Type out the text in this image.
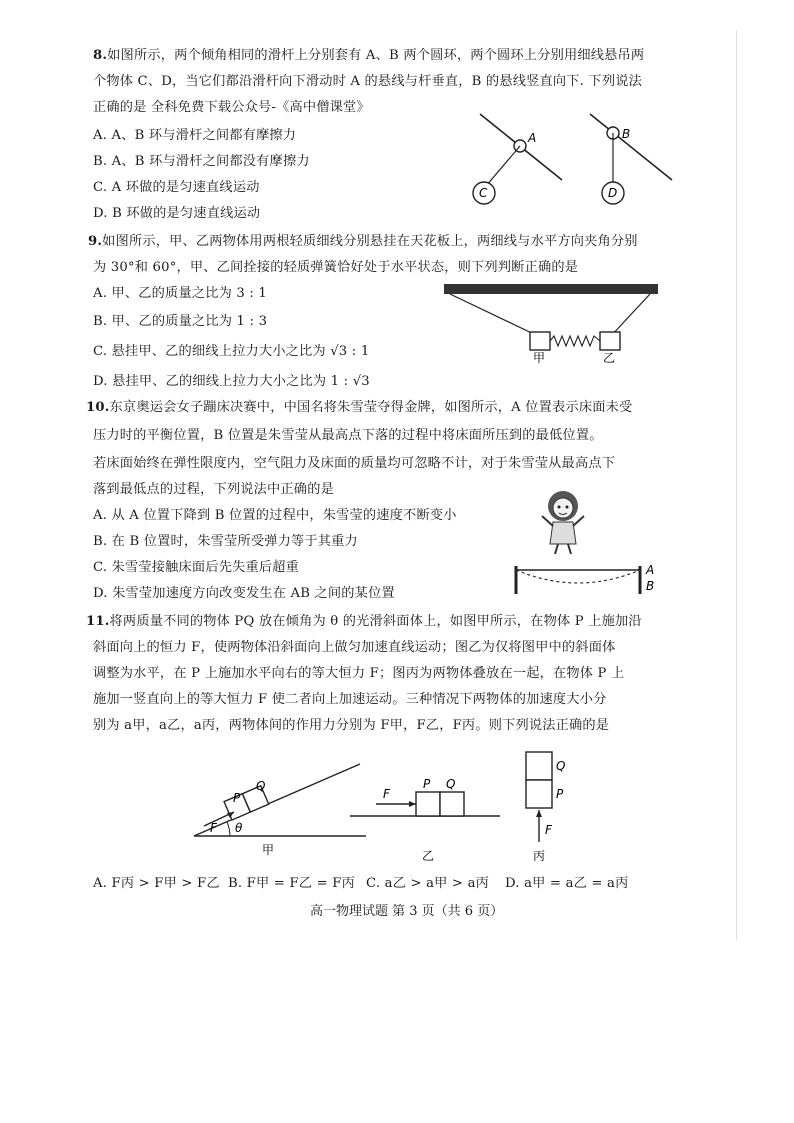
8.如图所示，两个倾角相同的滑杆上分别套有 A、B 两个圆环，两个圆环上分别用细线悬吊两
个物体 C、D，当它们都沿滑杆向下滑动时 A 的悬线与杆垂直，B 的悬线竖直向下. 下列说法
正确的是 全科免费下载公众号-《高中僧课堂》
A. A、B 环与滑杆之间都有摩擦力
B. A、B 环与滑杆之间都没有摩擦力
C. A 环做的是匀速直线运动
D. B 环做的是匀速直线运动
A	B
C	D
9.如图所示，甲、乙两物体用两根轻质细线分别悬挂在天花板上，两细线与水平方向夹角分别
为 30°和 60°，甲、乙间拴接的轻质弹簧恰好处于水平状态，则下列判断正确的是
A. 甲、乙的质量之比为 3 : 1
B. 甲、乙的质量之比为 1 : 3
C. 悬挂甲、乙的细线上拉力大小之比为 √3 : 1
D. 悬挂甲、乙的细线上拉力大小之比为 1 : √3
甲	乙
10.东京奥运会女子蹦床决赛中，中国名将朱雪莹夺得金牌，如图所示，A 位置表示床面未受
压力时的平衡位置，B 位置是朱雪莹从最高点下落的过程中将床面所压到的最低位置。
若床面始终在弹性限度内，空气阻力及床面的质量均可忽略不计，对于朱雪莹从最高点下
落到最低点的过程，下列说法中正确的是
A. 从 A 位置下降到 B 位置的过程中，朱雪莹的速度不断变小
B. 在 B 位置时，朱雪莹所受弹力等于其重力
C. 朱雪莹接触床面后先失重后超重
D. 朱雪莹加速度方向改变发生在 AB 之间的某位置
A
B
11.将两质量不同的物体 PQ 放在倾角为 θ 的光滑斜面体上，如图甲所示，在物体 P 上施加沿
斜面向上的恒力 F，使两物体沿斜面向上做匀加速直线运动；图乙为仅将图甲中的斜面体
调整为水平，在 P 上施加水平向右的等大恒力 F；图丙为两物体叠放在一起，在物体 P 上
施加一竖直向上的等大恒力 F 使二者向上加速运动。三种情况下两物体的加速度大小分
别为 a甲，a乙，a丙，两物体间的作用力分别为 F甲，F乙，F丙。则下列说法正确的是
F
P
Q
θ
甲
F
P Q
乙
Q
P
F
丙
A. F丙 > F甲 > F乙 B. F甲 = F乙 = F丙 C. a乙 > a甲 > a丙 D. a甲 = a乙 = a丙
高一物理试题 第 3 页（共 6 页）
